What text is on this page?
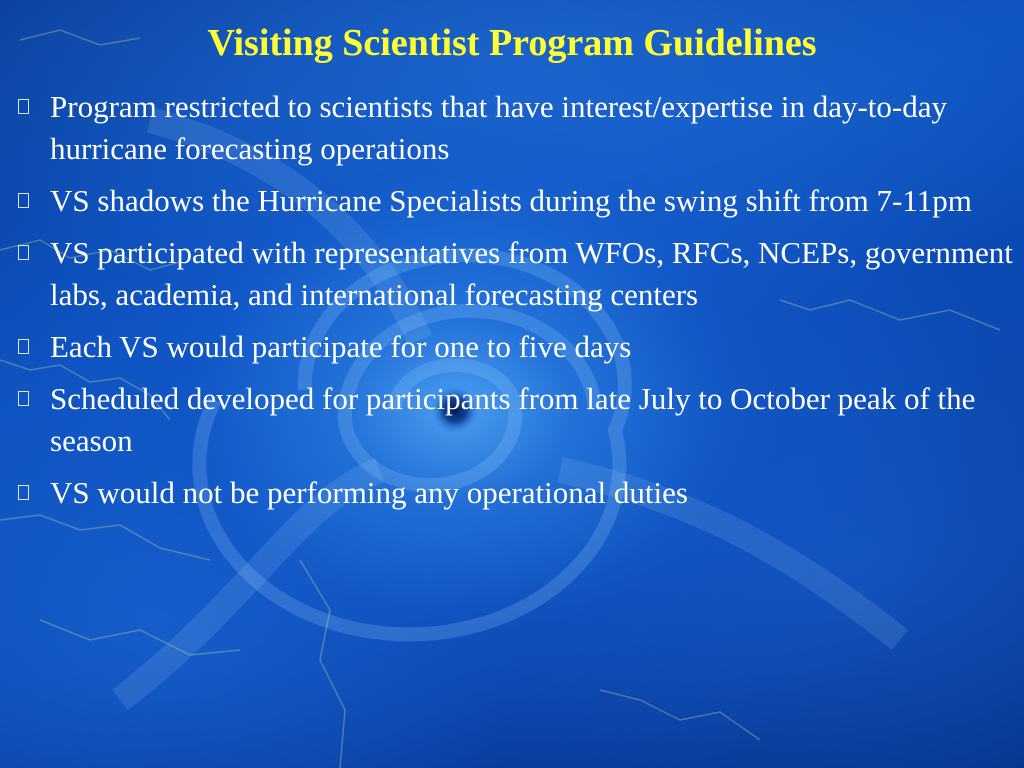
Visiting Scientist Program Guidelines
Program restricted to scientists that have interest/expertise in day-to-day hurricane forecasting operations
VS shadows the Hurricane Specialists during the swing shift from 7-11pm
VS participated with representatives from WFOs, RFCs, NCEPs, government labs, academia, and international forecasting centers
Each VS would participate for one to five days
Scheduled developed for participants from late July to October peak of the season
VS would not be performing any operational duties
